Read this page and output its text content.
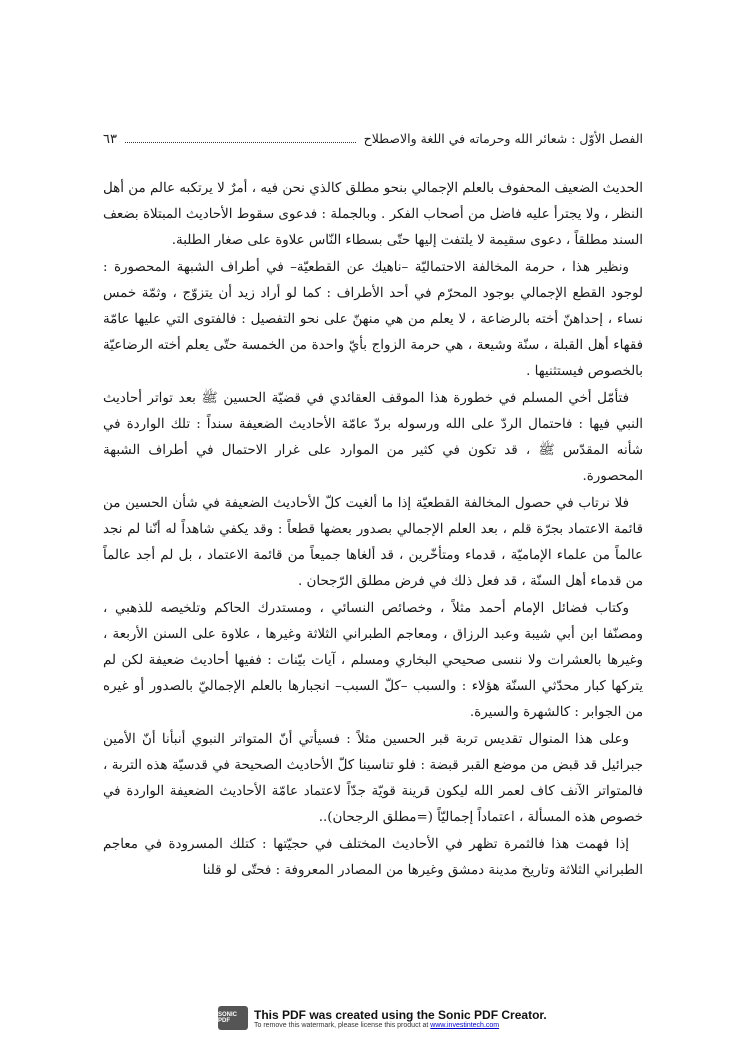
الفصل الأوّل : شعائر الله وحرماته في اللغة والاصطلاح
٦٣

الحديث الضعيف المحفوف بالعلم الإجمالي بنحو مطلق كالذي نحن فيه ، أمرٌ لا يرتكبه عالم من أهل النظر ، ولا يجترأ عليه فاضل من أصحاب الفكر . وبالجملة : فدعوى سقوط الأحاديث المبتلاة بضعف السند مطلقاً ، دعوى سقيمة لا يلتفت إليها حتّى بسطاء النّاس علاوة على صغار الطلبة.

ونظير هذا ، حرمة المخالفة الاحتماليّة –ناهيك عن القطعيّة– في أطراف الشبهة المحصورة : لوجود القطع الإجمالي بوجود المحرّم في أحد الأطراف : كما لو أراد زيد أن يتزوّج ، وثمّة خمس نساء ، إحداهنّ أخته بالرضاعة ، لا يعلم من هي منهنّ على نحو التفصيل : فالفتوى التي عليها عامّة فقهاء أهل القبلة ، سنّة وشيعة ، هي حرمة الزواج بأيّ واحدة من الخمسة حتّى يعلم أخته الرضاعيّة بالخصوص فيستثنيها .

فتأمّل أخي المسلم في خطورة هذا الموقف العقائدي في قضيّة الحسين ﷺ بعد تواتر أحاديث النبي فيها : فاحتمال الردّ على الله ورسوله بردّ عامّة الأحاديث الضعيفة سنداً : تلك الواردة في شأنه المقدّس ﷺ ، قد تكون في كثير من الموارد على غرار الاحتمال في أطراف الشبهة المحصورة.

فلا نرتاب في حصول المخالفة القطعيّة إذا ما ألغيت كلّ الأحاديث الضعيفة في شأن الحسين من قائمة الاعتماد بجرّة قلم ، بعد العلم الإجمالي بصدور بعضها قطعاً : وقد يكفي شاهداً له أنّنا لم نجد عالماً من علماء الإماميّة ، قدماء ومتأخّرين ، قد ألغاها جميعاً من قائمة الاعتماد ، بل لم أجد عالماً من قدماء أهل السنّة ، قد فعل ذلك في فرض مطلق الرّجحان .

وكتاب فضائل الإمام أحمد مثلاً ، وخصائص النسائي ، ومستدرك الحاكم وتلخيصه للذهبي ، ومصنّفا ابن أبي شيبة وعبد الرزاق ، ومعاجم الطبراني الثلاثة وغيرها ، علاوة على السنن الأربعة ، وغيرها بالعشرات ولا ننسى صحيحي البخاري ومسلم ، آيات بيّنات : ففيها أحاديث ضعيفة لكن لم يتركها كبار محدّثي السنّة هؤلاء : والسبب –كلّ السبب– انجبارها بالعلم الإجماليّ بالصدور أو غيره من الجوابر : كالشهرة والسيرة.

وعلى هذا المنوال تقديس تربة قبر الحسين مثلاً : فسيأتي أنّ المتواتر النبوي أنبأنا أنّ الأمين جبرائيل قد قبض من موضع القبر قبضة : فلو تناسينا كلّ الأحاديث الصحيحة في قدسيّة هذه التربة ، فالمتواتر الآنف كاف لعمر الله ليكون قرينة قويّة جدّاً لاعتماد عامّة الأحاديث الضعيفة الواردة في خصوص هذه المسألة ، اعتماداً إجماليّاً (=مطلق الرجحان)..

إذا فهمت هذا فالثمرة تظهر في الأحاديث المختلف في حجيّتها : كتلك المسرودة في معاجم الطبراني الثلاثة وتاريخ مدينة دمشق وغيرها من المصادر المعروفة : فحتّى لو قلنا

SONIC PDF	This PDF was created using the Sonic PDF Creator.
To remove this watermark, please license this product at www.investintech.com
